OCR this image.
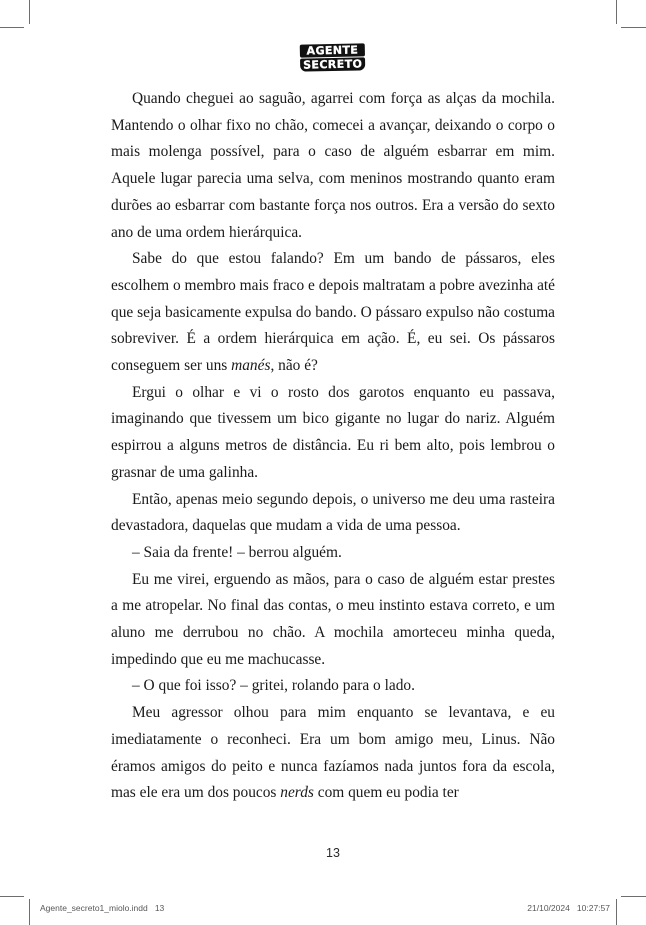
AGENTE
SECRETO

Quando cheguei ao saguão, agarrei com força as alças da mochila. Mantendo o olhar fixo no chão, comecei a avançar, deixando o corpo o mais molenga possível, para o caso de alguém esbarrar em mim. Aquele lugar parecia uma selva, com meninos mostrando quanto eram durões ao esbarrar com bastante força nos outros. Era a versão do sexto ano de uma ordem hierárquica.

Sabe do que estou falando? Em um bando de pássaros, eles escolhem o membro mais fraco e depois maltratam a pobre avezinha até que seja basicamente expulsa do bando. O pássaro expulso não costuma sobreviver. É a ordem hierárquica em ação. É, eu sei. Os pássaros conseguem ser uns manés, não é?

Ergui o olhar e vi o rosto dos garotos enquanto eu passava, imaginando que tivessem um bico gigante no lugar do nariz. Alguém espirrou a alguns metros de distância. Eu ri bem alto, pois lembrou o grasnar de uma galinha.

Então, apenas meio segundo depois, o universo me deu uma rasteira devastadora, daquelas que mudam a vida de uma pessoa.

– Saia da frente! – berrou alguém.

Eu me virei, erguendo as mãos, para o caso de alguém estar prestes a me atropelar. No final das contas, o meu instinto estava correto, e um aluno me derrubou no chão. A mochila amorteceu minha queda, impedindo que eu me machucasse.

– O que foi isso? – gritei, rolando para o lado.

Meu agressor olhou para mim enquanto se levantava, e eu imediatamente o reconheci. Era um bom amigo meu, Linus. Não éramos amigos do peito e nunca fazíamos nada juntos fora da escola, mas ele era um dos poucos nerds com quem eu podia ter

13
Agente_secreto1_miolo.indd   13	21/10/2024   10:27:57
